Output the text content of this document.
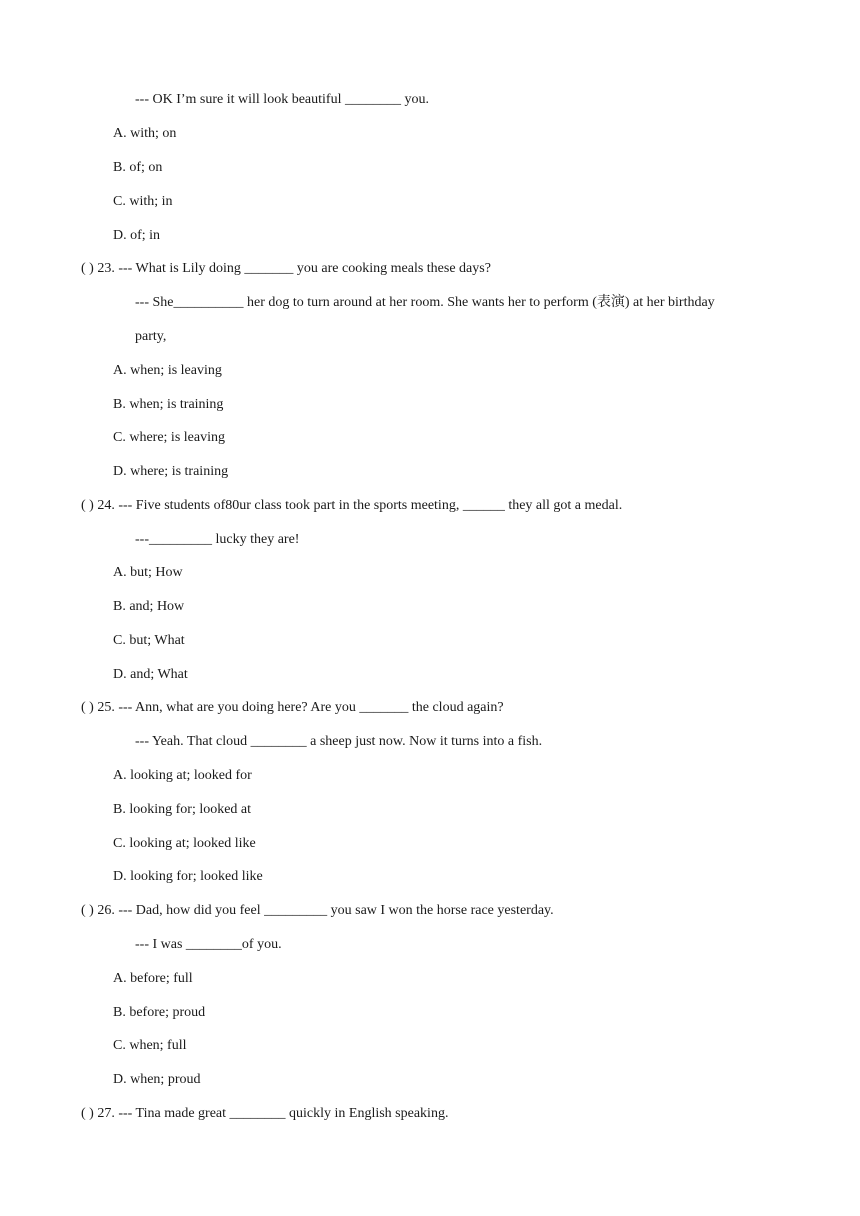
--- OK I’m sure it will look beautiful ________ you.
A. with; on
B. of; on
C. with; in
D. of; in
( ) 23. --- What is Lily doing _______ you are cooking meals these days?
--- She__________ her dog to turn around at her room. She wants her to perform (表演) at her birthday
party,
A. when; is leaving
B. when; is training
C. where; is leaving
D. where; is training
( ) 24. --- Five students of80ur class took part in the sports meeting, ______ they all got a medal.
---_________ lucky they are!
A. but; How
B. and; How
C. but; What
D. and; What
( ) 25. --- Ann, what are you doing here? Are you _______ the cloud again?
--- Yeah. That cloud ________ a sheep just now. Now it turns into a fish.
A. looking at; looked for
B. looking for; looked at
C. looking at; looked like
D. looking for; looked like
( ) 26. --- Dad, how did you feel _________ you saw I won the horse race yesterday.
--- I was ________of you.
A. before; full
B. before; proud
C. when; full
D. when; proud
( ) 27. --- Tina made great ________ quickly in English speaking.
